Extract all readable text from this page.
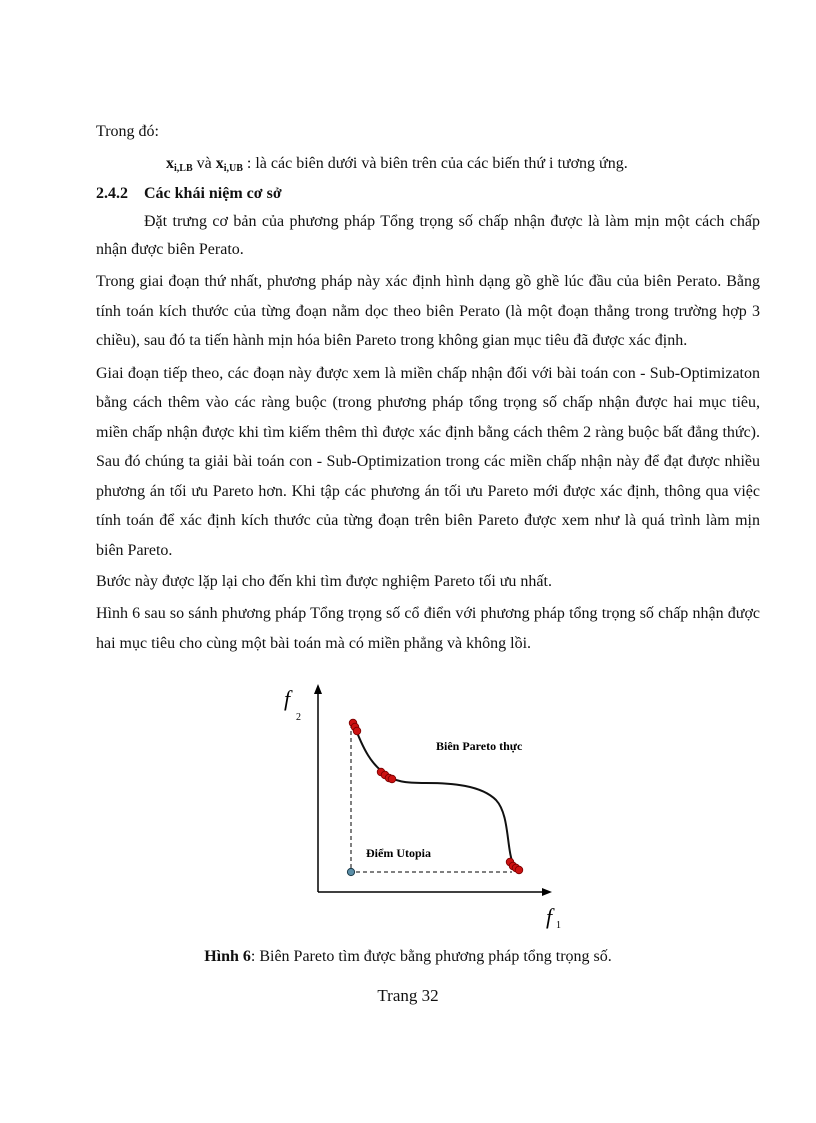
Trong đó:
$x_{i,LB}$ và $x_{i,UB}$ : là các biên dưới và biên trên của các biến thứ i tương ứng.
2.4.2 Các khái niệm cơ sở

Đặt trưng cơ bản của phương pháp Tổng trọng số chấp nhận được là làm mịn một cách chấp nhận được biên Perato.

Trong giai đoạn thứ nhất, phương pháp này xác định hình dạng gồ ghề lúc đầu của biên Perato. Bằng tính toán kích thước của từng đoạn nằm dọc theo biên Perato (là một đoạn thẳng trong trường hợp 3 chiều), sau đó ta tiến hành mịn hóa biên Pareto trong không gian mục tiêu đã được xác định.

Giai đoạn tiếp theo, các đoạn này được xem là miền chấp nhận đối với bài toán con - Sub-Optimizaton bằng cách thêm vào các ràng buộc (trong phương pháp tổng trọng số chấp nhận được hai mục tiêu, miền chấp nhận được khi tìm kiếm thêm thì được xác định bằng cách thêm 2 ràng buộc bất đẳng thức). Sau đó chúng ta giải bài toán con - Sub-Optimization trong các miền chấp nhận này để đạt được nhiều phương án tối ưu Pareto hơn. Khi tập các phương án tối ưu Pareto mới được xác định, thông qua việc tính toán để xác định kích thước của từng đoạn trên biên Pareto được xem như là quá trình làm mịn biên Pareto.

Bước này được lặp lại cho đến khi tìm được nghiệm Pareto tối ưu nhất.

Hình 6 sau so sánh phương pháp Tổng trọng số cổ điển với phương pháp tổng trọng số chấp nhận được hai mục tiêu cho cùng một bài toán mà có miền phẳng và không lồi.

f
2
f 1
Biên Pareto thực
Điểm Utopia
Hình 6: Biên Pareto tìm được bằng phương pháp tổng trọng số.
Trang 32
